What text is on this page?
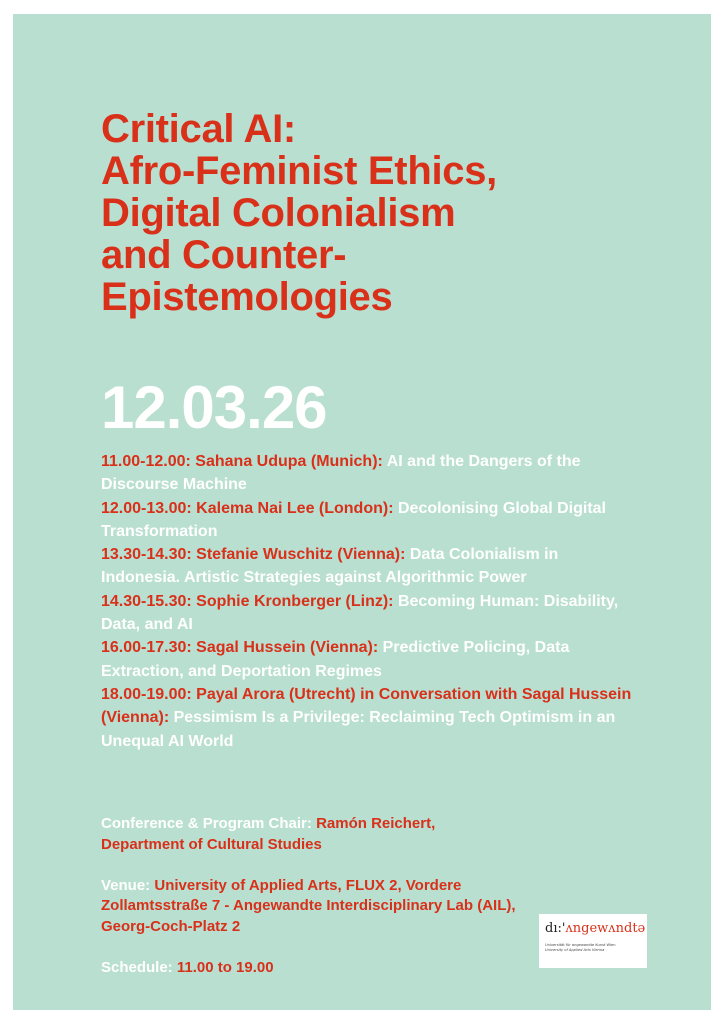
Critical AI:
Afro-Feminist Ethics,
Digital Colonialism
and Counter-
Epistemologies
12.03.26

11.00-12.00: Sahana Udupa (Munich): AI and the Dangers of the Discourse Machine

12.00-13.00: Kalema Nai Lee (London): Decolonising Global Digital Transformation

13.30-14.30: Stefanie Wuschitz (Vienna): Data Colonialism in Indonesia. Artistic Strategies against Algorithmic Power

14.30-15.30: Sophie Kronberger (Linz): Becoming Human: Disability, Data, and AI

16.00-17.30: Sagal Hussein (Vienna): Predictive Policing, Data Extraction, and Deportation Regimes

18.00-19.00: Payal Arora (Utrecht) in Conversation with Sagal Hussein (Vienna): Pessimism Is a Privilege: Reclaiming Tech Optimism in an Unequal AI World

Conference & Program Chair: Ramón Reichert, Department of Cultural Studies

Venue: University of Applied Arts, FLUX 2, Vordere Zollamtsstraße 7 - Angewandte Interdisciplinary Lab (AIL), Georg-Coch-Platz 2

Schedule: 11.00 to 19.00

dı:'ʌngewʌndtə
Universität für angewandte Kunst Wien
University of Applied Arts Vienna
